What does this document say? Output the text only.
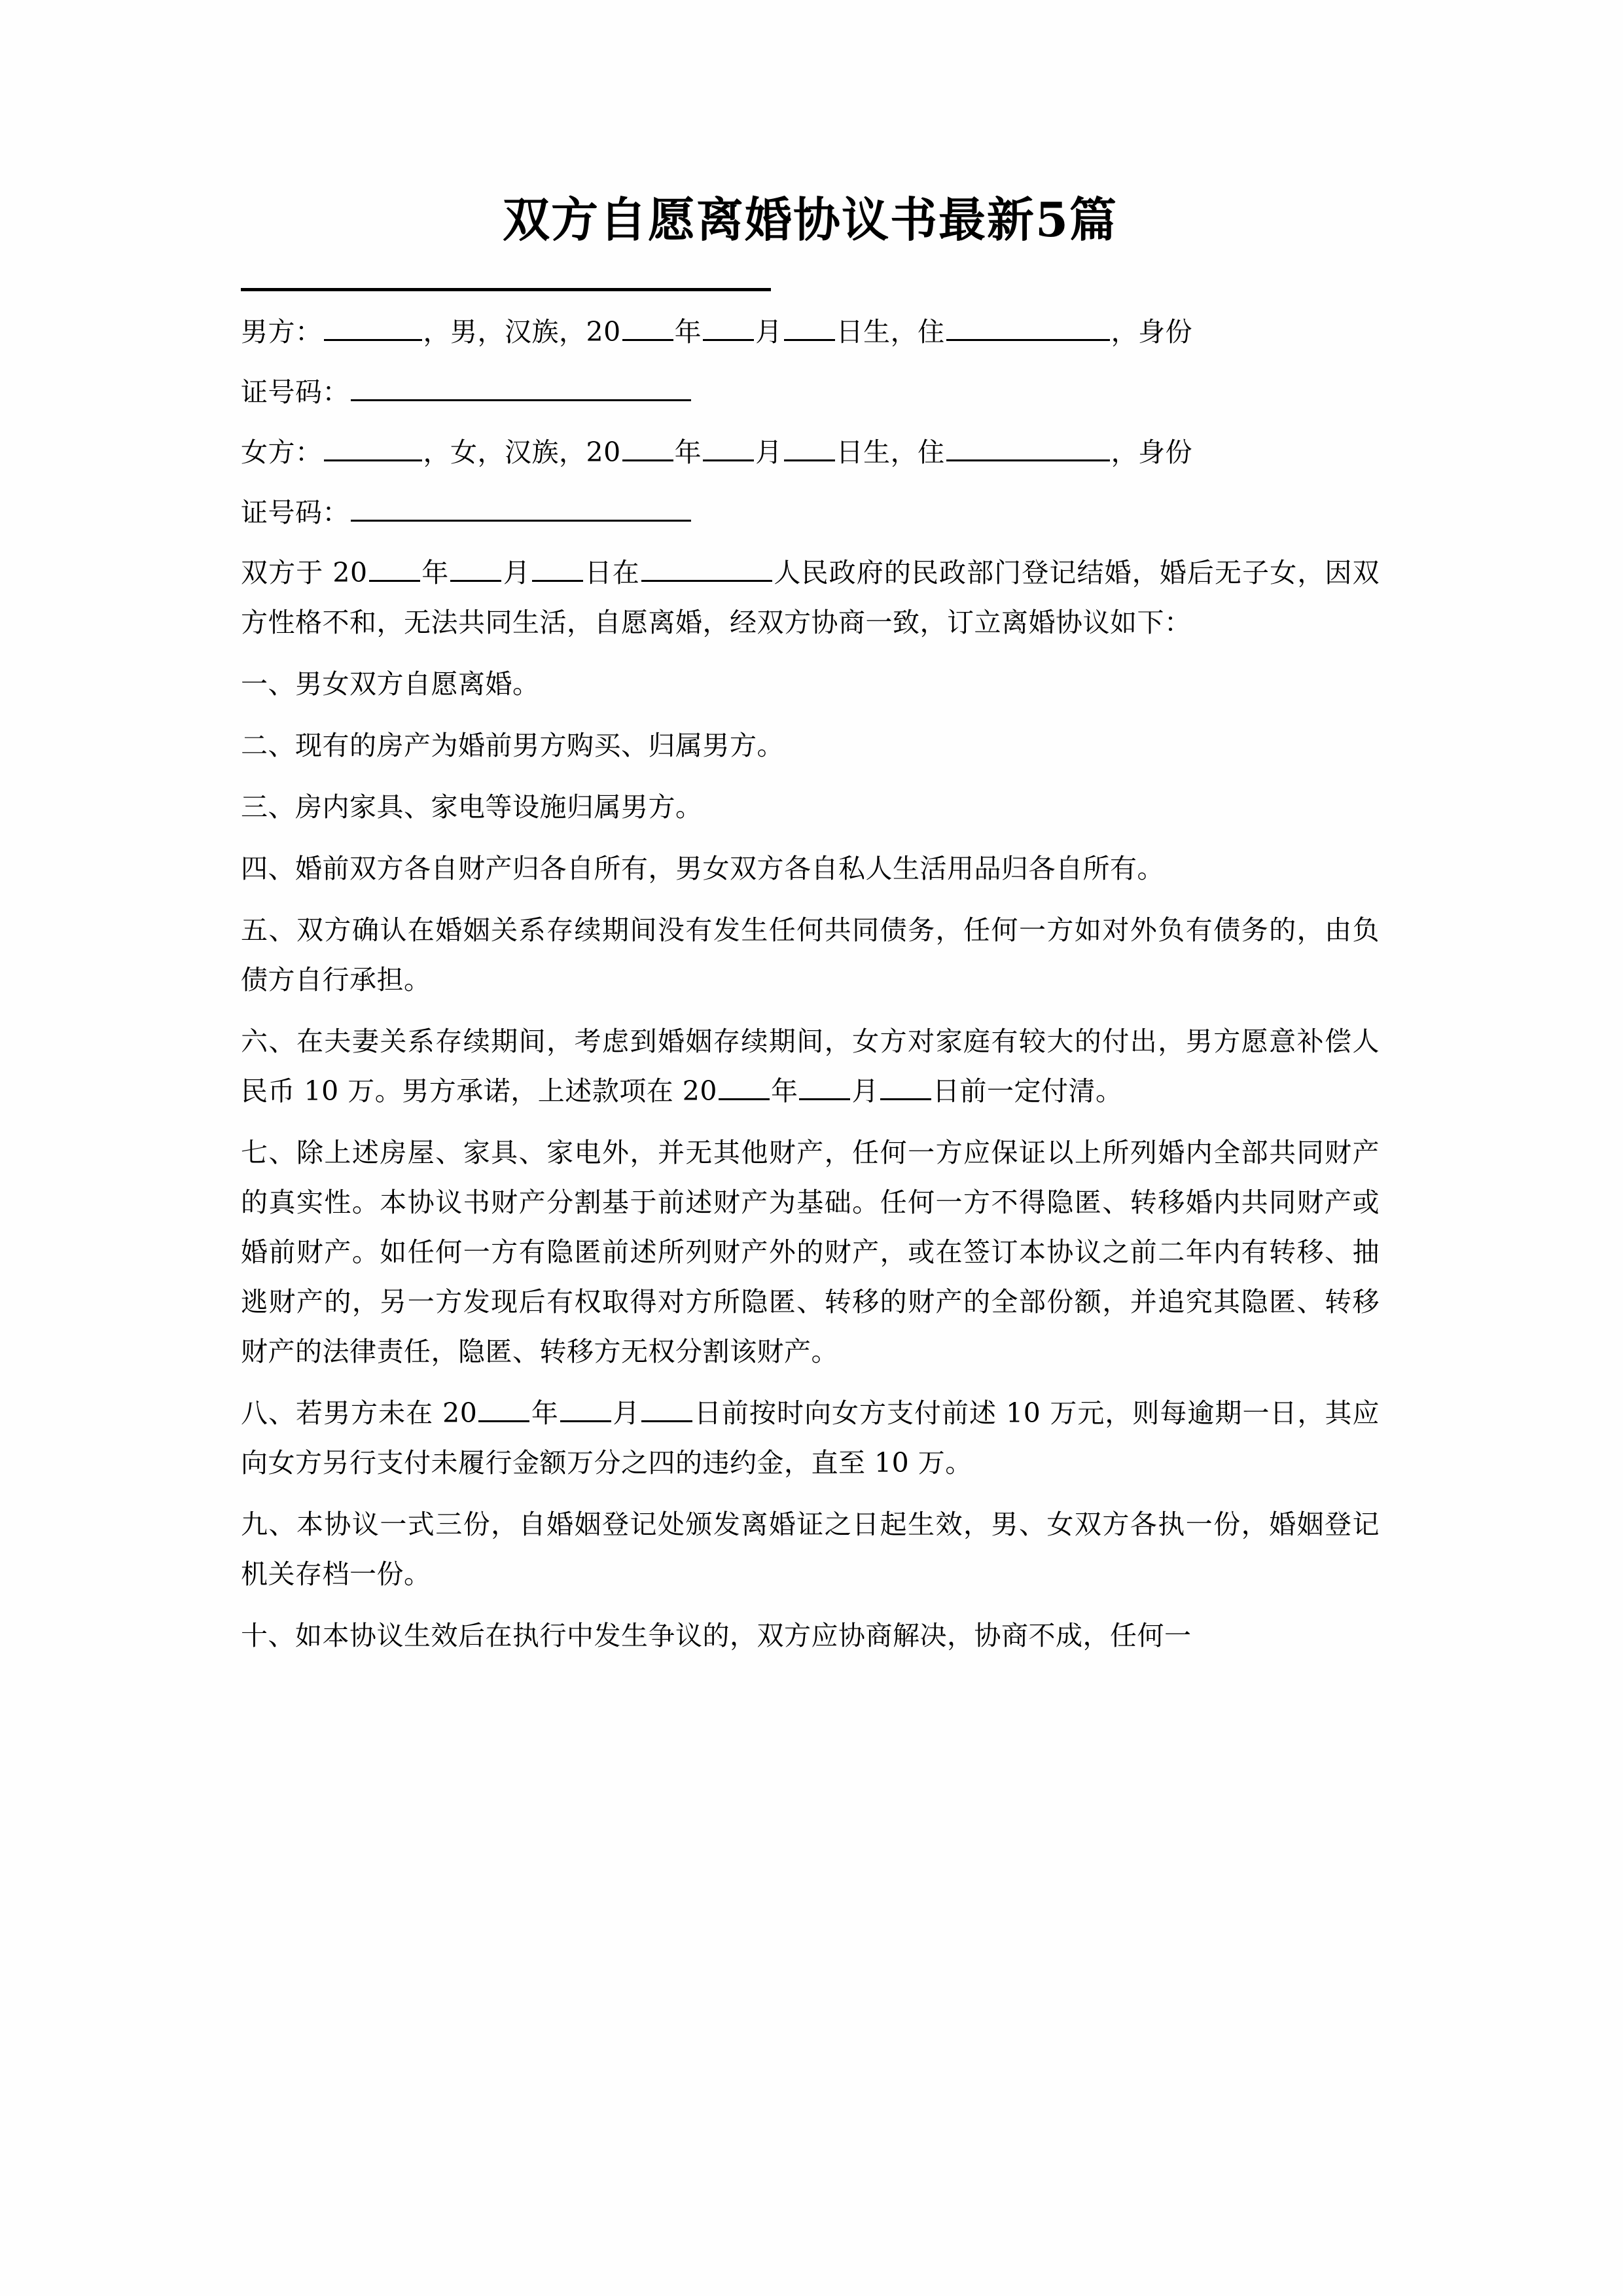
双方自愿离婚协议书最新5篇

男方：	，男，汉族，20 年 月 日生，住	，身份

证号码：

女方：	，女，汉族，20 年 月 日生，住	，身份

证号码：

双方于 20 年 月 日在	人民政府的民政部门登记结婚，婚后无子女，因双方性格不和，无法共同生活，自愿离婚，经双方协商一致，订立离婚协议如下：

一、男女双方自愿离婚。

二、现有的房产为婚前男方购买、归属男方。

三、房内家具、家电等设施归属男方。

四、婚前双方各自财产归各自所有，男女双方各自私人生活用品归各自所有。

五、双方确认在婚姻关系存续期间没有发生任何共同债务，任何一方如对外负有债务的，由负债方自行承担。

六、在夫妻关系存续期间，考虑到婚姻存续期间，女方对家庭有较大的付出，男方愿意补偿人民币 10 万。男方承诺，上述款项在 20 年 月 日前一定付清。

七、除上述房屋、家具、家电外，并无其他财产，任何一方应保证以上所列婚内全部共同财产的真实性。本协议书财产分割基于前述财产为基础。任何一方不得隐匿、转移婚内共同财产或婚前财产。如任何一方有隐匿前述所列财产外的财产，或在签订本协议之前二年内有转移、抽逃财产的，另一方发现后有权取得对方所隐匿、转移的财产的全部份额，并追究其隐匿、转移财产的法律责任，隐匿、转移方无权分割该财产。

八、若男方未在 20 年 月 日前按时向女方支付前述 10 万元，则每逾期一日，其应向女方另行支付未履行金额万分之四的违约金，直至 10 万。

九、本协议一式三份，自婚姻登记处颁发离婚证之日起生效，男、女双方各执一份，婚姻登记机关存档一份。

十、如本协议生效后在执行中发生争议的，双方应协商解决，协商不成，任何一
